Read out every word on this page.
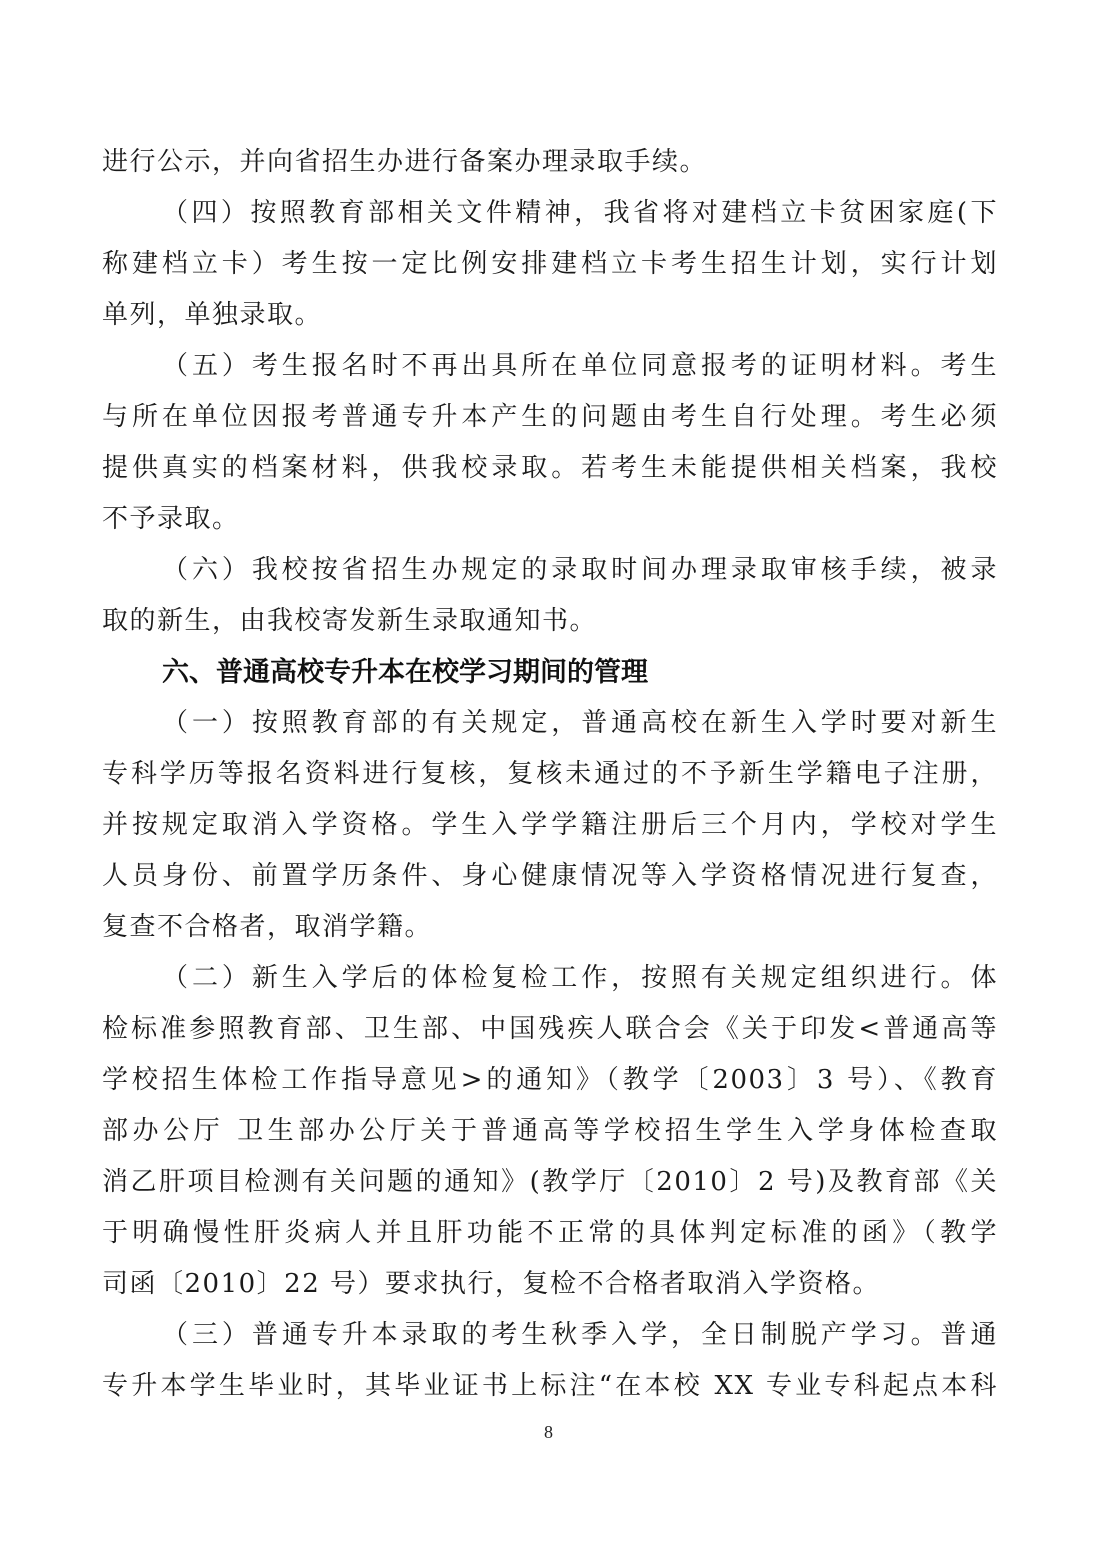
进行公示，并向省招生办进行备案办理录取手续。
（四）按照教育部相关文件精神，我省将对建档立卡贫困家庭(下
称建档立卡）考生按一定比例安排建档立卡考生招生计划，实行计划
单列，单独录取。
（五）考生报名时不再出具所在单位同意报考的证明材料。考生
与所在单位因报考普通专升本产生的问题由考生自行处理。考生必须
提供真实的档案材料，供我校录取。若考生未能提供相关档案，我校
不予录取。
（六）我校按省招生办规定的录取时间办理录取审核手续，被录
取的新生，由我校寄发新生录取通知书。
六、普通高校专升本在校学习期间的管理
（一）按照教育部的有关规定，普通高校在新生入学时要对新生
专科学历等报名资料进行复核，复核未通过的不予新生学籍电子注册，
并按规定取消入学资格。学生入学学籍注册后三个月内，学校对学生
人员身份、前置学历条件、身心健康情况等入学资格情况进行复查，
复查不合格者，取消学籍。
（二）新生入学后的体检复检工作，按照有关规定组织进行。体
检标准参照教育部、卫生部、中国残疾人联合会《关于印发<普通高等
学校招生体检工作指导意见>的通知》（教学〔2003〕3 号）、《教育
部办公厅 卫生部办公厅关于普通高等学校招生学生入学身体检查取
消乙肝项目检测有关问题的通知》(教学厅〔2010〕2 号)及教育部《关
于明确慢性肝炎病人并且肝功能不正常的具体判定标准的函》（教学
司函〔2010〕22 号）要求执行，复检不合格者取消入学资格。
（三）普通专升本录取的考生秋季入学，全日制脱产学习。普通
专升本学生毕业时，其毕业证书上标注“在本校 XX 专业专科起点本科
8
